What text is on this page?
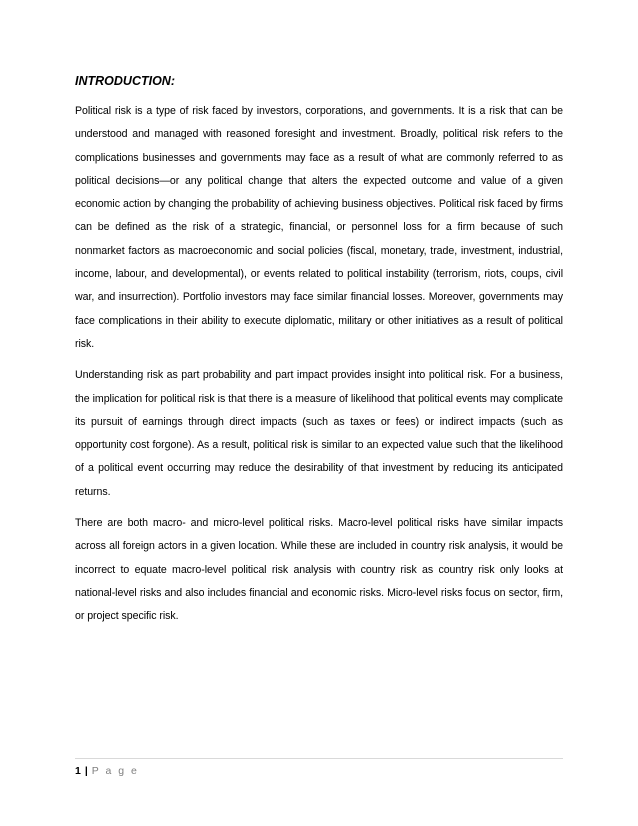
INTRODUCTION:

Political risk is a type of risk faced by investors, corporations, and governments. It is a risk that can be understood and managed with reasoned foresight and investment. Broadly, political risk refers to the complications businesses and governments may face as a result of what are commonly referred to as political decisions—or any political change that alters the expected outcome and value of a given economic action by changing the probability of achieving business objectives. Political risk faced by firms can be defined as the risk of a strategic, financial, or personnel loss for a firm because of such nonmarket factors as macroeconomic and social policies (fiscal, monetary, trade, investment, industrial, income, labour, and developmental), or events related to political instability (terrorism, riots, coups, civil war, and insurrection). Portfolio investors may face similar financial losses. Moreover, governments may face complications in their ability to execute diplomatic, military or other initiatives as a result of political risk.

Understanding risk as part probability and part impact provides insight into political risk. For a business, the implication for political risk is that there is a measure of likelihood that political events may complicate its pursuit of earnings through direct impacts (such as taxes or fees) or indirect impacts (such as opportunity cost forgone). As a result, political risk is similar to an expected value such that the likelihood of a political event occurring may reduce the desirability of that investment by reducing its anticipated returns.

There are both macro- and micro-level political risks. Macro-level political risks have similar impacts across all foreign actors in a given location. While these are included in country risk analysis, it would be incorrect to equate macro-level political risk analysis with country risk as country risk only looks at national-level risks and also includes financial and economic risks. Micro-level risks focus on sector, firm, or project specific risk.

1 | P a g e
